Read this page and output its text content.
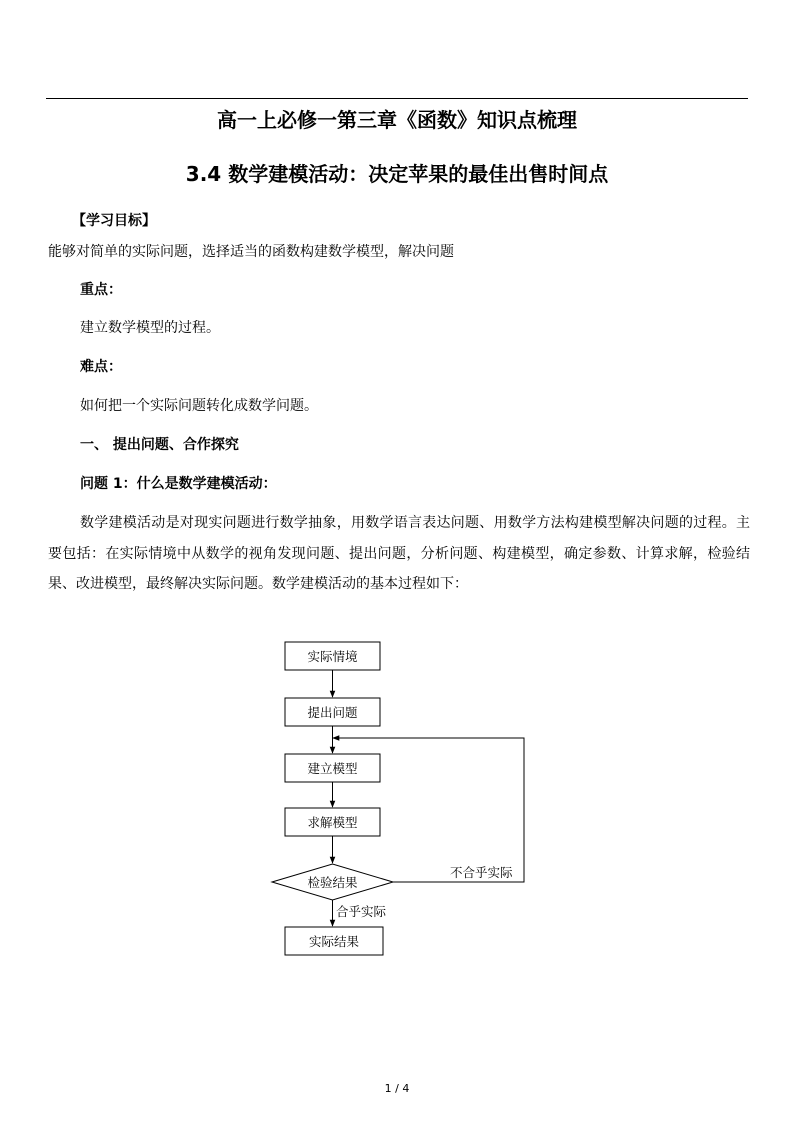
高一上必修一第三章《函数》知识点梳理
3.4 数学建模活动：决定苹果的最佳出售时间点
【学习目标】
能够对简单的实际问题，选择适当的函数构建数学模型，解决问题
重点：
建立数学模型的过程。
难点：
如何把一个实际问题转化成数学问题。
一、 提出问题、合作探究
问题 1：什么是数学建模活动：

数学建模活动是对现实问题进行数学抽象，用数学语言表达问题、用数学方法构建模型解决问题的过程。主要包括：在实际情境中从数学的视角发现问题、提出问题，分析问题、构建模型，确定参数、计算求解，检验结果、改进模型，最终解决实际问题。数学建模活动的基本过程如下：

实际情境
提出问题
建立模型
求解模型
检验结果
实际结果
不合乎实际
合乎实际
1 / 4
